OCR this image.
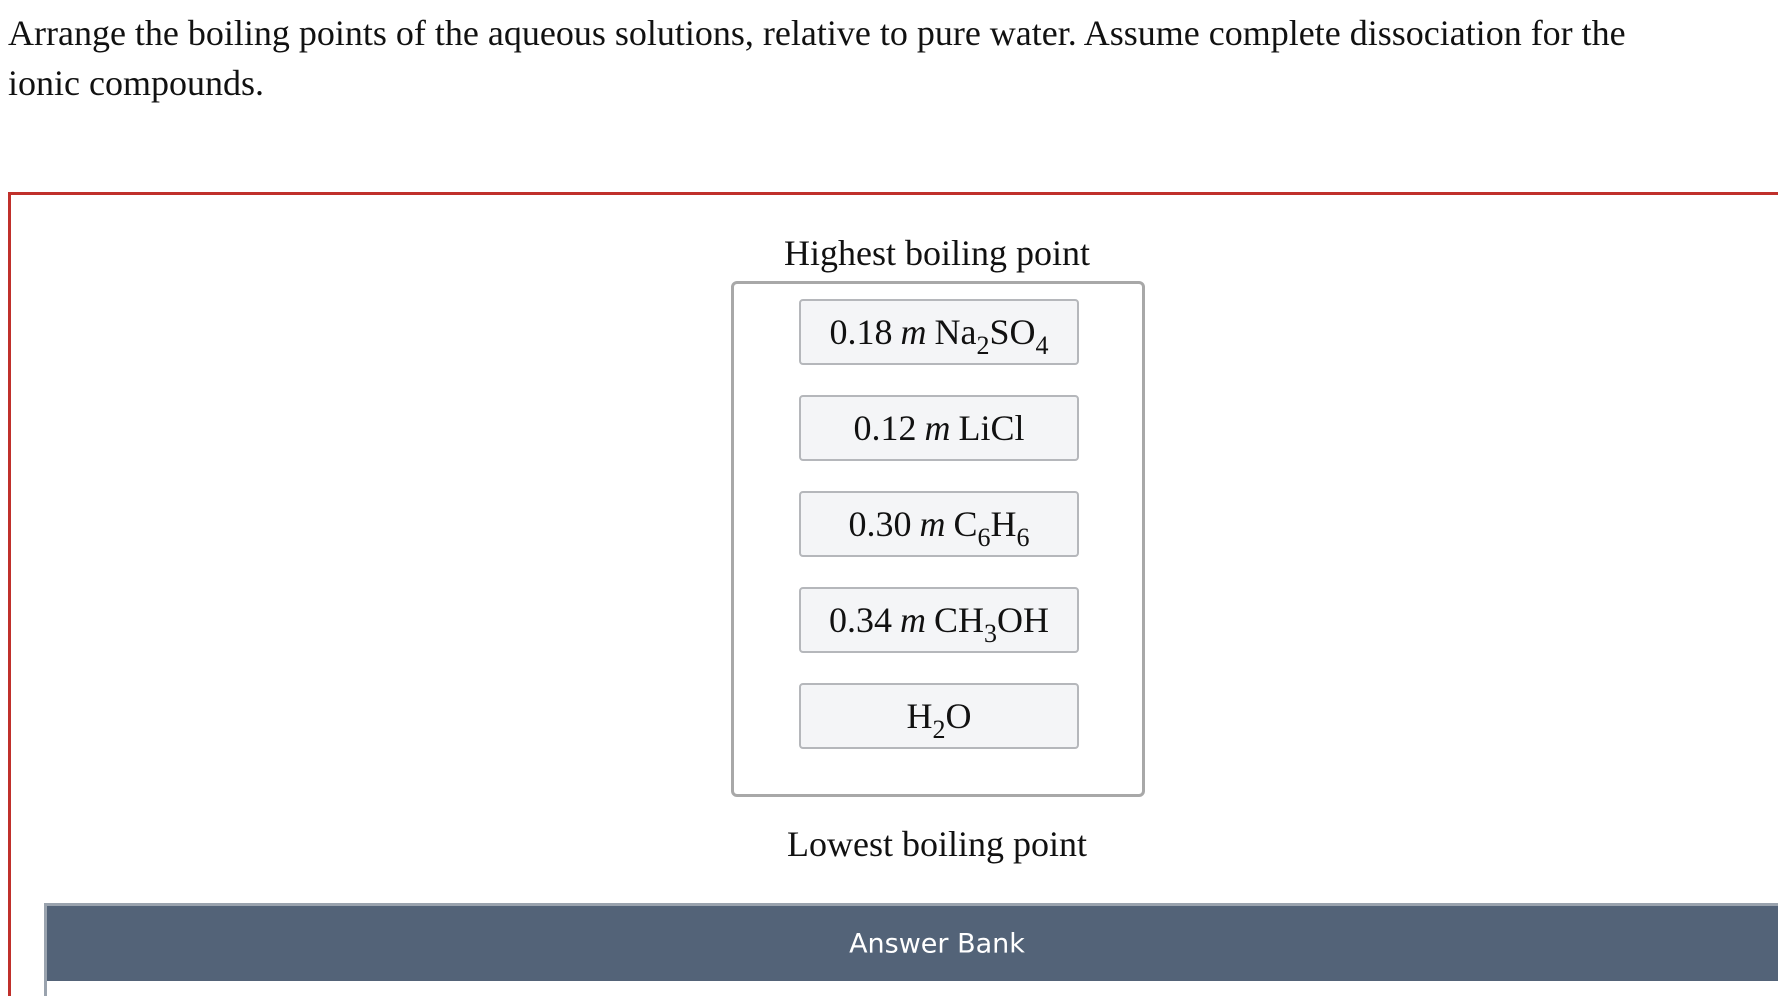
Arrange the boiling points of the aqueous solutions, relative to pure water. Assume complete dissociation for the ionic compounds.

Highest boiling point
0.18 m $Na_2SO_4$
0.12 m LiCl
0.30 m $C_6H_6$
0.34 m $CH_3OH$
$H_2O$
Lowest boiling point
Answer Bank
